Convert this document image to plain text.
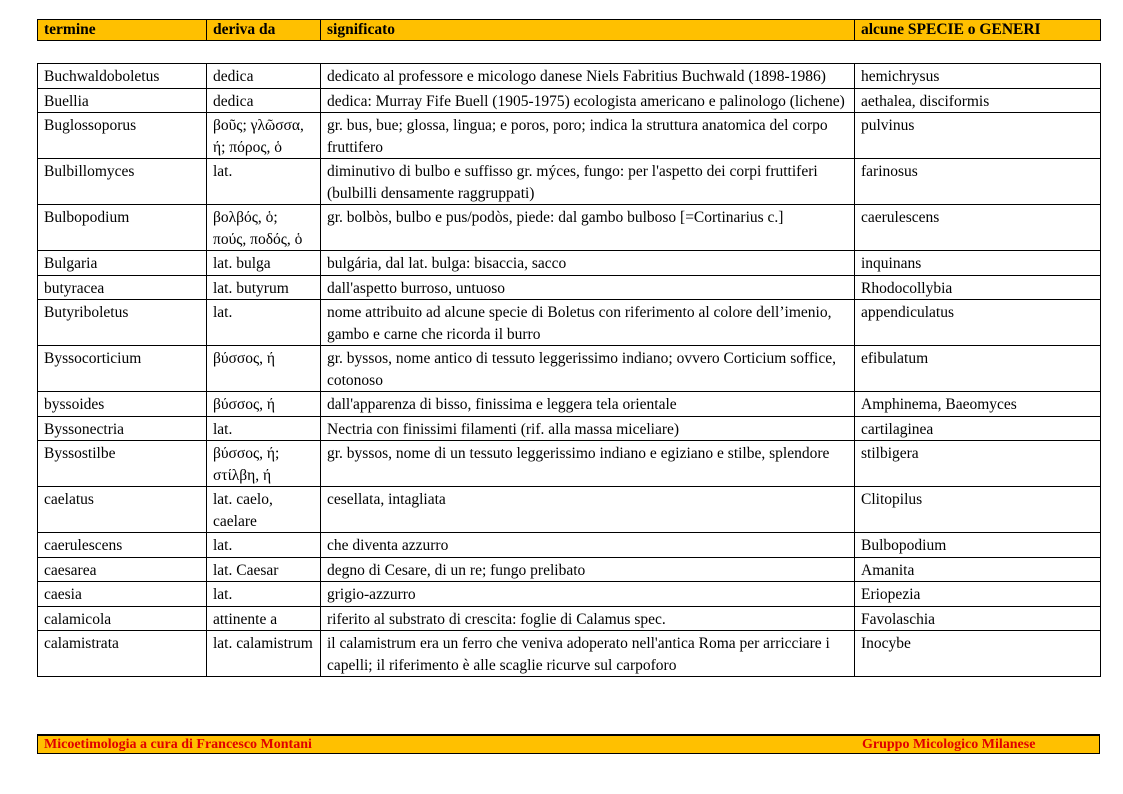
termine	deriva da	significato	alcune SPECIE o GENERI
Buchwaldoboletus	dedica	dedicato al professore e micologo danese Niels Fabritius Buchwald (1898-1986)	hemichrysus
Buellia	dedica	dedica: Murray Fife Buell (1905-1975) ecologista americano e palinologo (lichene)	aethalea, disciformis
Buglossoporus	βοῦς; γλῶσσα, ή; πόρος, ὁ	gr. bus, bue; glossa, lingua; e poros, poro; indica la struttura anatomica del corpo fruttifero	pulvinus
Bulbillomyces	lat.	diminutivo di bulbo e suffisso gr. mýces, fungo: per l'aspetto dei corpi fruttiferi (bulbilli densamente raggruppati)	farinosus
Bulbopodium	βολβός, ὁ; πούς, ποδός, ὁ	gr. bolbòs, bulbo e pus/podòs, piede: dal gambo bulboso [=Cortinarius c.]	caerulescens
Bulgaria	lat. bulga	bulgária, dal lat. bulga: bisaccia, sacco	inquinans
butyracea	lat. butyrum	dall'aspetto burroso, untuoso	Rhodocollybia
Butyriboletus	lat.	nome attribuito ad alcune specie di Boletus con riferimento al colore dell’imenio, gambo e carne che ricorda il burro	appendiculatus
Byssocorticium	βύσσος, ή	gr. byssos, nome antico di tessuto leggerissimo indiano; ovvero Corticium soffice, cotonoso	efibulatum
byssoides	βύσσος, ή	dall'apparenza di bisso, finissima e leggera tela orientale	Amphinema, Baeomyces
Byssonectria	lat.	Nectria con finissimi filamenti (rif. alla massa miceliare)	cartilaginea
Byssostilbe	βύσσος, ή; στίλβη, ή	gr. byssos, nome di un tessuto leggerissimo indiano e egiziano e stilbe, splendore	stilbigera
caelatus	lat. caelo, caelare	cesellata, intagliata	Clitopilus
caerulescens	lat.	che diventa azzurro	Bulbopodium
caesarea	lat. Caesar	degno di Cesare, di un re; fungo prelibato	Amanita
caesia	lat.	grigio-azzurro	Eriopezia
calamicola	attinente a	riferito al substrato di crescita: foglie di Calamus spec.	Favolaschia
calamistrata	lat. calamistrum	il calamistrum era un ferro che veniva adoperato nell'antica Roma per arricciare i capelli; il riferimento è alle scaglie ricurve sul carpoforo	Inocybe
Micoetimologia a cura di Francesco Montani	Gruppo Micologico Milanese
